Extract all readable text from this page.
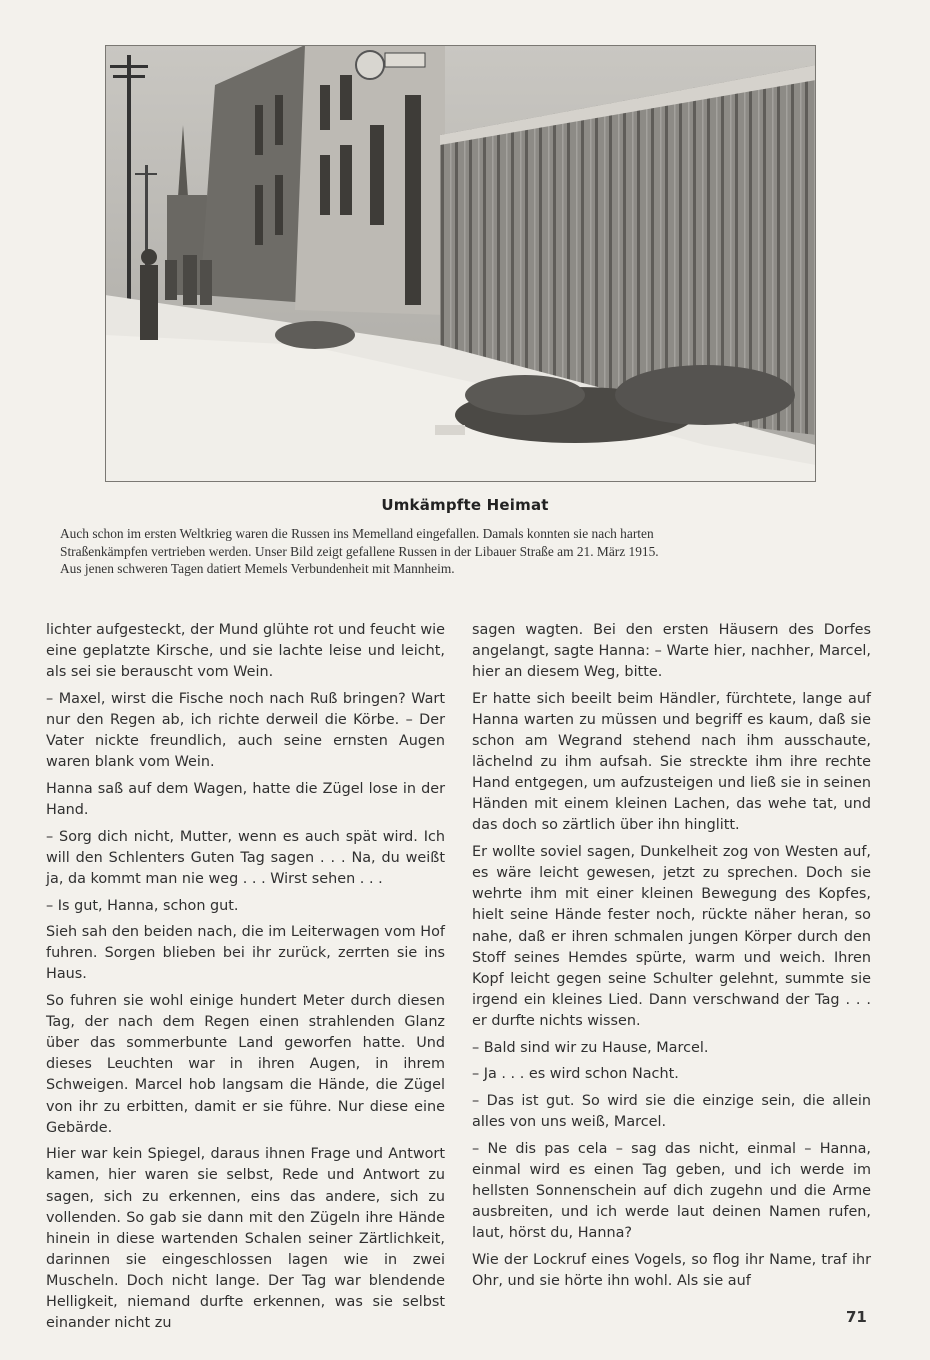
Umkämpfte Heimat
Auch schon im ersten Weltkrieg waren die Russen ins Memelland eingefallen. Damals konnten sie nach harten
Straßenkämpfen vertrieben werden. Unser Bild zeigt gefallene Russen in der Libauer Straße am 21. März 1915.
Aus jenen schweren Tagen datiert Memels Verbundenheit mit Mannheim.

lichter aufgesteckt, der Mund glühte rot und feucht wie eine geplatzte Kirsche, und sie lachte leise und leicht, als sei sie berauscht vom Wein.

– Maxel, wirst die Fische noch nach Ruß bringen? Wart nur den Regen ab, ich richte derweil die Körbe. – Der Vater nickte freundlich, auch seine ernsten Augen waren blank vom Wein.

Hanna saß auf dem Wagen, hatte die Zügel lose in der Hand.

– Sorg dich nicht, Mutter, wenn es auch spät wird. Ich will den Schlenters Guten Tag sagen . . . Na, du weißt ja, da kommt man nie weg . . . Wirst sehen . . .

– Is gut, Hanna, schon gut.

Sieh sah den beiden nach, die im Leiterwagen vom Hof fuhren. Sorgen blieben bei ihr zurück, zerrten sie ins Haus.

So fuhren sie wohl einige hundert Meter durch diesen Tag, der nach dem Regen einen strahlenden Glanz über das sommerbunte Land geworfen hatte. Und dieses Leuchten war in ihren Augen, in ihrem Schweigen. Marcel hob langsam die Hände, die Zügel von ihr zu erbitten, damit er sie führe. Nur diese eine Gebärde.

Hier war kein Spiegel, daraus ihnen Frage und Antwort kamen, hier waren sie selbst, Rede und Antwort zu sagen, sich zu erkennen, eins das andere, sich zu vollenden. So gab sie dann mit den Zügeln ihre Hände hinein in diese wartenden Schalen seiner Zärtlichkeit, darinnen sie eingeschlossen lagen wie in zwei Muscheln. Doch nicht lange. Der Tag war blendende Helligkeit, niemand durfte erkennen, was sie selbst einander nicht zu

sagen wagten. Bei den ersten Häusern des Dorfes angelangt, sagte Hanna: – Warte hier, nachher, Marcel, hier an diesem Weg, bitte.

Er hatte sich beeilt beim Händler, fürchtete, lange auf Hanna warten zu müssen und begriff es kaum, daß sie schon am Wegrand stehend nach ihm ausschaute, lächelnd zu ihm aufsah. Sie streckte ihm ihre rechte Hand entgegen, um aufzusteigen und ließ sie in seinen Händen mit einem kleinen Lachen, das wehe tat, und das doch so zärtlich über ihn hinglitt.

Er wollte soviel sagen, Dunkelheit zog von Westen auf, es wäre leicht gewesen, jetzt zu sprechen. Doch sie wehrte ihm mit einer kleinen Bewegung des Kopfes, hielt seine Hände fester noch, rückte näher heran, so nahe, daß er ihren schmalen jungen Körper durch den Stoff seines Hemdes spürte, warm und weich. Ihren Kopf leicht gegen seine Schulter gelehnt, summte sie irgend ein kleines Lied. Dann verschwand der Tag . . . er durfte nichts wissen.

– Bald sind wir zu Hause, Marcel.

– Ja . . . es wird schon Nacht.

– Das ist gut. So wird sie die einzige sein, die allein alles von uns weiß, Marcel.

– Ne dis pas cela – sag das nicht, einmal – Hanna, einmal wird es einen Tag geben, und ich werde im hellsten Sonnenschein auf dich zugehn und die Arme ausbreiten, und ich werde laut deinen Namen rufen, laut, hörst du, Hanna?

Wie der Lockruf eines Vogels, so flog ihr Name, traf ihr Ohr, und sie hörte ihn wohl. Als sie auf

71
